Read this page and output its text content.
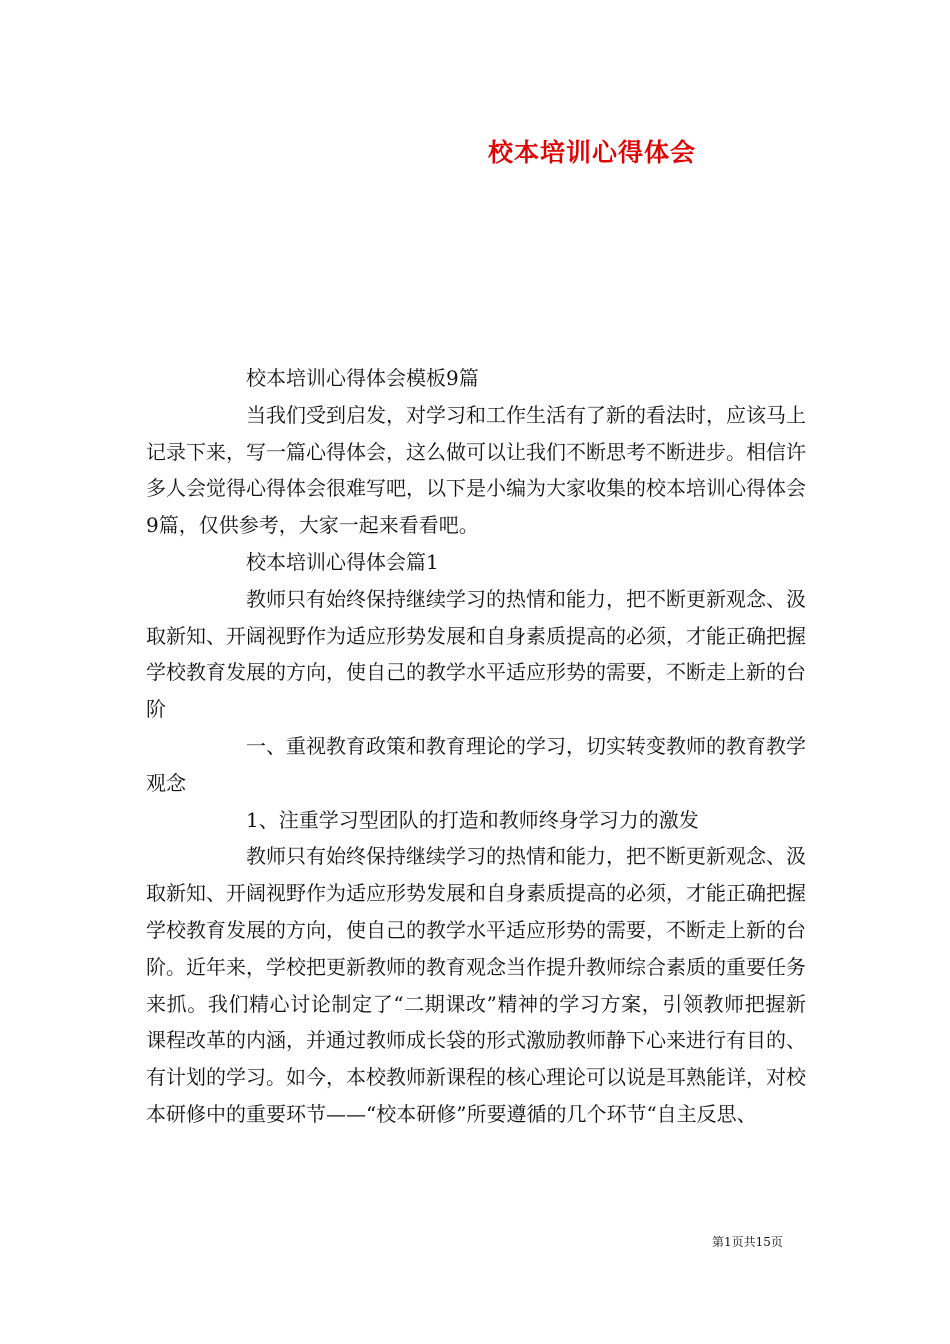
校本培训心得体会

校本培训心得体会模板9篇

当我们受到启发，对学习和工作生活有了新的看法时，应该马上记录下来，写一篇心得体会，这么做可以让我们不断思考不断进步。相信许多人会觉得心得体会很难写吧，以下是小编为大家收集的校本培训心得体会9篇，仅供参考，大家一起来看看吧。

校本培训心得体会篇1

教师只有始终保持继续学习的热情和能力，把不断更新观念、汲取新知、开阔视野作为适应形势发展和自身素质提高的必须，才能正确把握学校教育发展的方向，使自己的教学水平适应形势的需要，不断走上新的台阶

一、重视教育政策和教育理论的学习，切实转变教师的教育教学观念

1、注重学习型团队的打造和教师终身学习力的激发

教师只有始终保持继续学习的热情和能力，把不断更新观念、汲取新知、开阔视野作为适应形势发展和自身素质提高的必须，才能正确把握学校教育发展的方向，使自己的教学水平适应形势的需要，不断走上新的台阶。近年来，学校把更新教师的教育观念当作提升教师综合素质的重要任务来抓。我们精心讨论制定了“二期课改”精神的学习方案，引领教师把握新课程改革的内涵，并通过教师成长袋的形式激励教师静下心来进行有目的、有计划的学习。如今，本校教师新课程的核心理论可以说是耳熟能详，对校本研修中的重要环节——“校本研修”所要遵循的几个环节“自主反思、

第1页共15页
